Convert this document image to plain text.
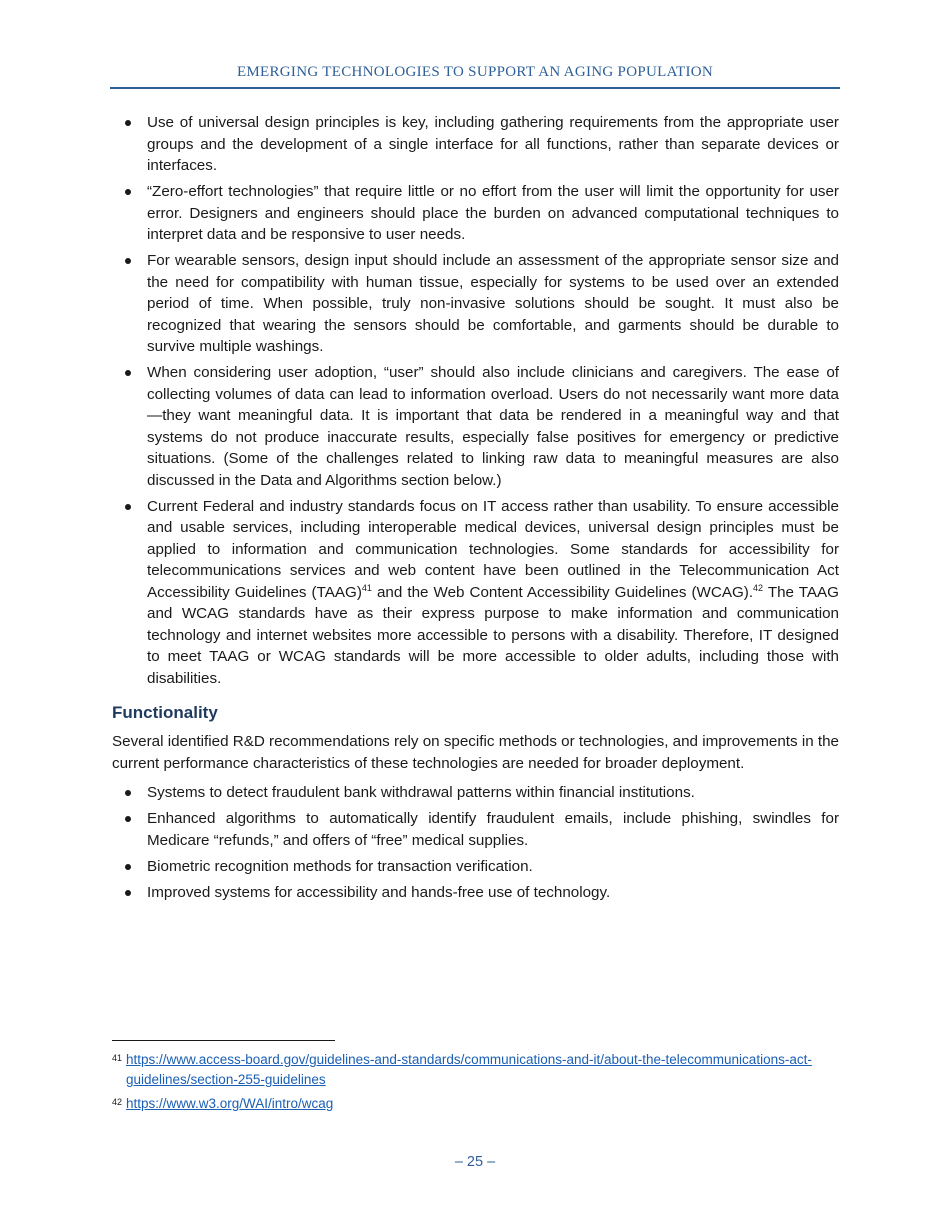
EMERGING TECHNOLOGIES TO SUPPORT AN AGING POPULATION
Use of universal design principles is key, including gathering requirements from the appropriate user groups and the development of a single interface for all functions, rather than separate devices or interfaces.
“Zero-effort technologies” that require little or no effort from the user will limit the opportunity for user error. Designers and engineers should place the burden on advanced computational techniques to interpret data and be responsive to user needs.
For wearable sensors, design input should include an assessment of the appropriate sensor size and the need for compatibility with human tissue, especially for systems to be used over an extended period of time. When possible, truly non-invasive solutions should be sought. It must also be recognized that wearing the sensors should be comfortable, and garments should be durable to survive multiple washings.
When considering user adoption, “user” should also include clinicians and caregivers. The ease of collecting volumes of data can lead to information overload. Users do not necessarily want more data—they want meaningful data. It is important that data be rendered in a meaningful way and that systems do not produce inaccurate results, especially false positives for emergency or predictive situations. (Some of the challenges related to linking raw data to meaningful measures are also discussed in the Data and Algorithms section below.)
Current Federal and industry standards focus on IT access rather than usability. To ensure accessible and usable services, including interoperable medical devices, universal design principles must be applied to information and communication technologies. Some standards for accessibility for telecommunications services and web content have been outlined in the Telecommunication Act Accessibility Guidelines (TAAG)$^{41}$ and the Web Content Accessibility Guidelines (WCAG).$^{42}$ The TAAG and WCAG standards have as their express purpose to make information and communication technology and internet websites more accessible to persons with a disability. Therefore, IT designed to meet TAAG or WCAG standards will be more accessible to older adults, including those with disabilities.
Functionality

Several identified R&D recommendations rely on specific methods or technologies, and improvements in the current performance characteristics of these technologies are needed for broader deployment.

Systems to detect fraudulent bank withdrawal patterns within financial institutions.
Enhanced algorithms to automatically identify fraudulent emails, include phishing, swindles for Medicare “refunds,” and offers of “free” medical supplies.
Biometric recognition methods for transaction verification.
Improved systems for accessibility and hands-free use of technology.
41 https://www.access-board.gov/guidelines-and-standards/communications-and-it/about-the-telecommunications-act-guidelines/section-255-guidelines
42 https://www.w3.org/WAI/intro/wcag
– 25 –
